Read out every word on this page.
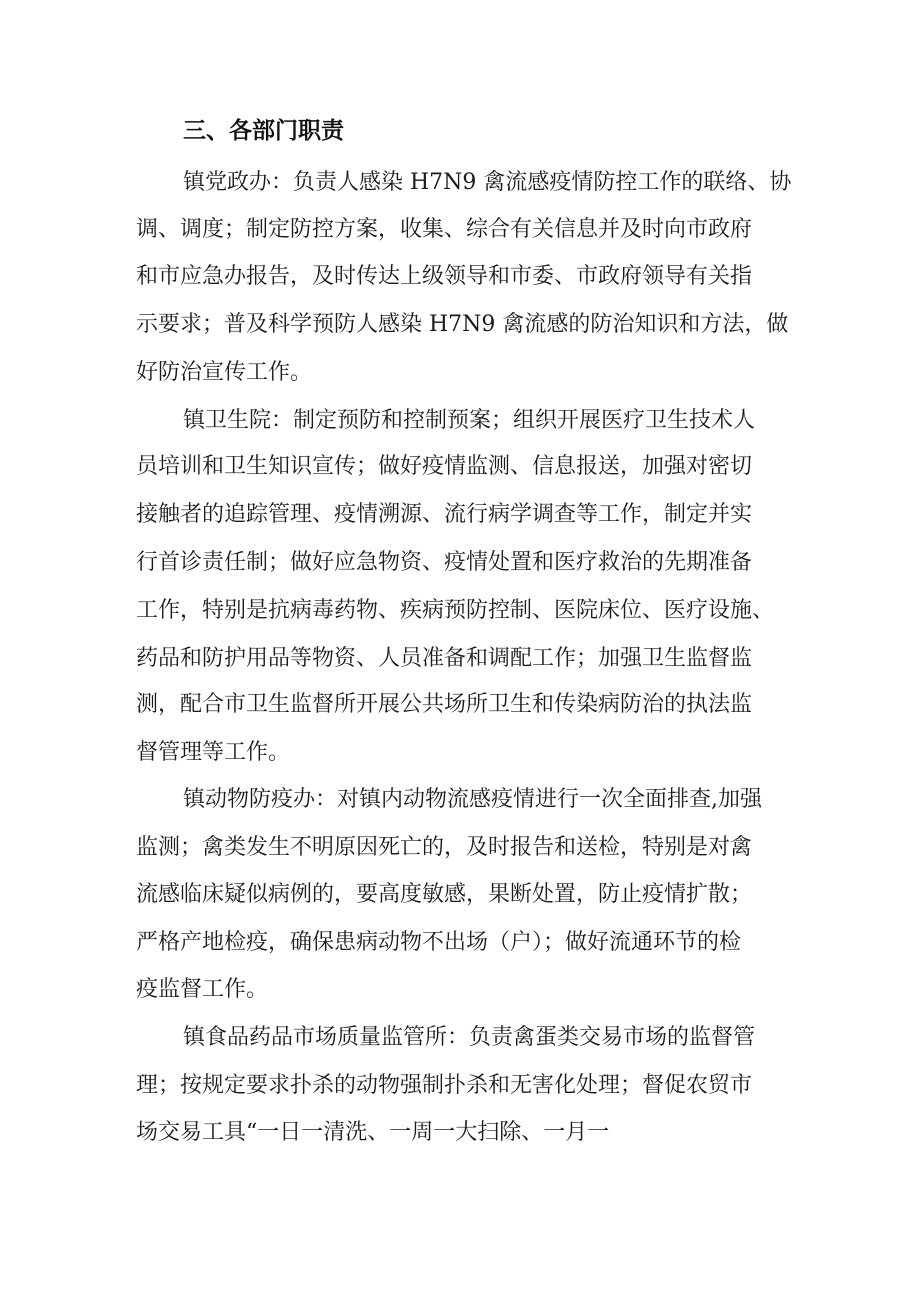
三、各部门职责
镇党政办：负责人感染 H7N9 禽流感疫情防控工作的联络、协
调、调度；制定防控方案，收集、综合有关信息并及时向市政府
和市应急办报告，及时传达上级领导和市委、市政府领导有关指
示要求；普及科学预防人感染 H7N9 禽流感的防治知识和方法，做
好防治宣传工作。
镇卫生院：制定预防和控制预案；组织开展医疗卫生技术人
员培训和卫生知识宣传；做好疫情监测、信息报送，加强对密切
接触者的追踪管理、疫情溯源、流行病学调查等工作，制定并实
行首诊责任制；做好应急物资、疫情处置和医疗救治的先期准备
工作，特别是抗病毒药物、疾病预防控制、医院床位、医疗设施、
药品和防护用品等物资、人员准备和调配工作；加强卫生监督监
测，配合市卫生监督所开展公共场所卫生和传染病防治的执法监
督管理等工作。
镇动物防疫办：对镇内动物流感疫情进行一次全面排查,加强
监测；禽类发生不明原因死亡的，及时报告和送检，特别是对禽
流感临床疑似病例的，要高度敏感，果断处置，防止疫情扩散；
严格产地检疫，确保患病动物不出场（户）；做好流通环节的检
疫监督工作。
镇食品药品市场质量监管所：负责禽蛋类交易市场的监督管
理；按规定要求扑杀的动物强制扑杀和无害化处理；督促农贸市
场交易工具“一日一清洗、一周一大扫除、一月一
